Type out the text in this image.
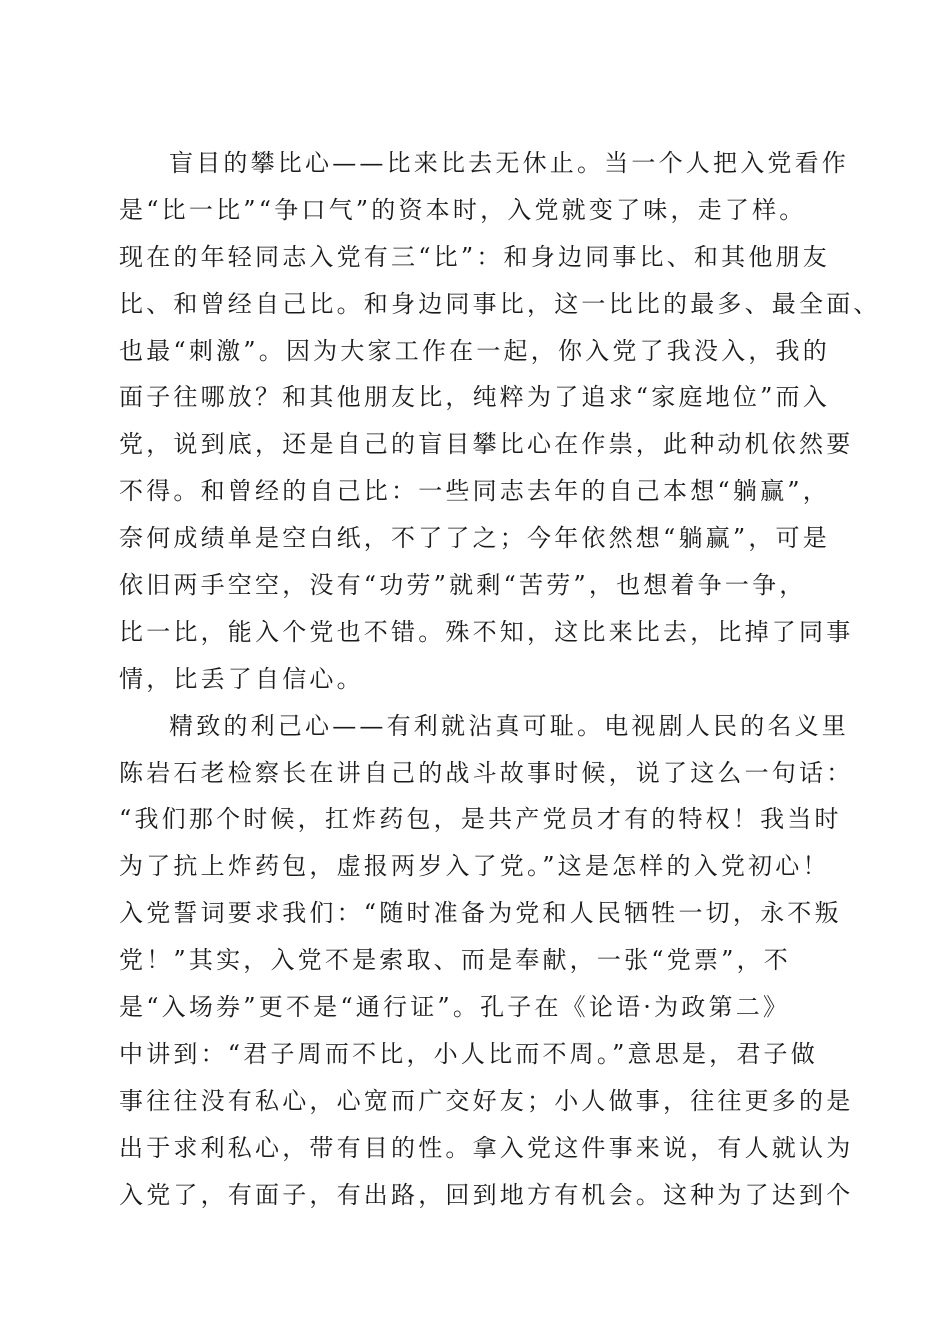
盲目的攀比心——比来比去无休止。当一个人把入党看作
是“比一比”“争口气”的资本时，入党就变了味，走了样。
现在的年轻同志入党有三“比”：和身边同事比、和其他朋友
比、和曾经自己比。和身边同事比，这一比比的最多、最全面、
也最“刺激”。因为大家工作在一起，你入党了我没入，我的
面子往哪放？和其他朋友比，纯粹为了追求“家庭地位”而入
党，说到底，还是自己的盲目攀比心在作祟，此种动机依然要
不得。和曾经的自己比：一些同志去年的自己本想“躺赢”，
奈何成绩单是空白纸，不了了之；今年依然想“躺赢”，可是
依旧两手空空，没有“功劳”就剩“苦劳”，也想着争一争，
比一比，能入个党也不错。殊不知，这比来比去，比掉了同事
情，比丢了自信心。
精致的利己心——有利就沾真可耻。电视剧人民的名义里
陈岩石老检察长在讲自己的战斗故事时候，说了这么一句话：
“我们那个时候，扛炸药包，是共产党员才有的特权！我当时
为了抗上炸药包，虚报两岁入了党。”这是怎样的入党初心！
入党誓词要求我们：“随时准备为党和人民牺牲一切，永不叛
党！”其实，入党不是索取、而是奉献，一张“党票”，不
是“入场券”更不是“通行证”。孔子在《论语·为政第二》
中讲到：“君子周而不比，小人比而不周。”意思是，君子做
事往往没有私心，心宽而广交好友；小人做事，往往更多的是
出于求利私心，带有目的性。拿入党这件事来说，有人就认为
入党了，有面子，有出路，回到地方有机会。这种为了达到个
